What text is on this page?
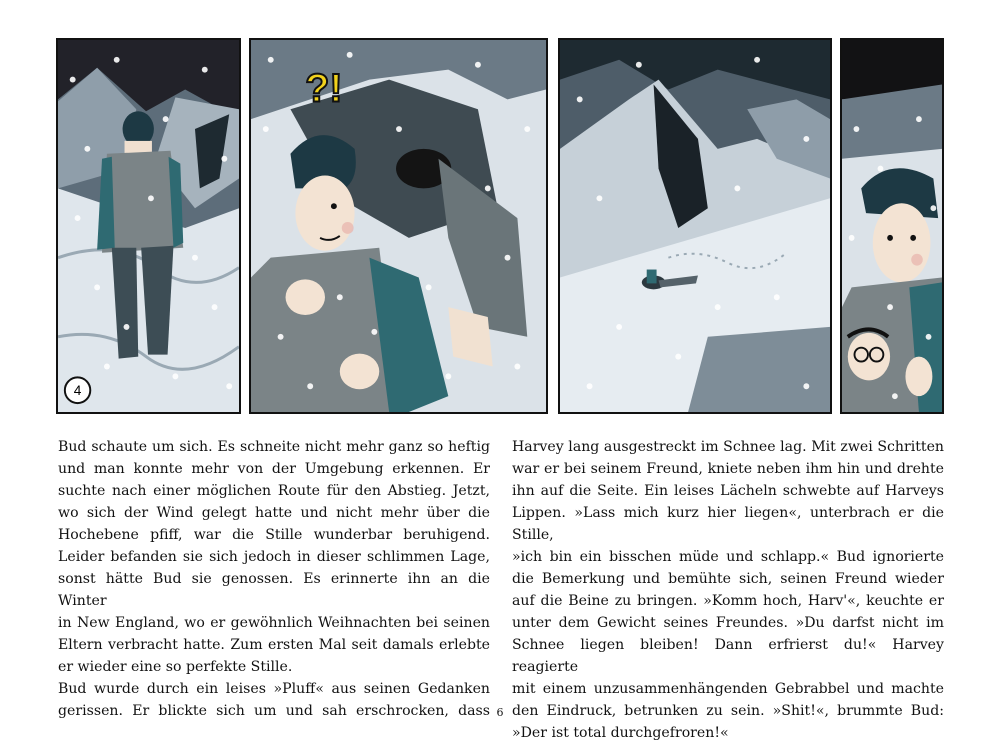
4
?!

Bud schaute um sich. Es schneite nicht mehr ganz so heftig

und man konnte mehr von der Umgebung erkennen. Er

suchte nach einer möglichen Route für den Abstieg. Jetzt,

wo sich der Wind gelegt hatte und nicht mehr über die

Hochebene pfiff, war die Stille wunderbar beruhigend.

Leider befanden sie sich jedoch in dieser schlimmen Lage,

sonst hätte Bud sie genossen. Es erinnerte ihn an die Winter

in New England, wo er gewöhnlich Weihnachten bei seinen

Eltern verbracht hatte. Zum ersten Mal seit damals erlebte

er wieder eine so perfekte Stille.

Bud wurde durch ein leises »Pluff« aus seinen Gedanken

gerissen. Er blickte sich um und sah erschrocken, dass

Harvey lang ausgestreckt im Schnee lag. Mit zwei Schritten

war er bei seinem Freund, kniete neben ihm hin und drehte

ihn auf die Seite. Ein leises Lächeln schwebte auf Harveys

Lippen. »Lass mich kurz hier liegen«, unterbrach er die Stille,

»ich bin ein bisschen müde und schlapp.« Bud ignorierte

die Bemerkung und bemühte sich, seinen Freund wieder

auf die Beine zu bringen. »Komm hoch, Harv'«, keuchte er

unter dem Gewicht seines Freundes. »Du darfst nicht im

Schnee liegen bleiben! Dann erfrierst du!« Harvey reagierte

mit einem unzusammenhängenden Gebrabbel und machte

den Eindruck, betrunken zu sein. »Shit!«, brummte Bud:

»Der ist total durchgefroren!«

6
